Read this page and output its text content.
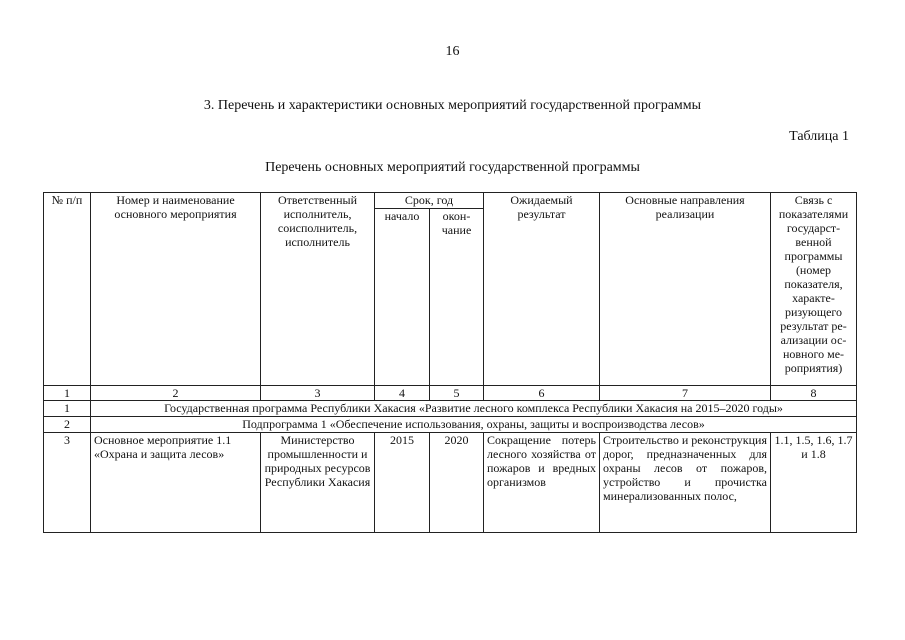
16
3. Перечень и характеристики основных мероприятий государственной программы
Таблица 1
Перечень основных мероприятий государственной программы
№ п/п	Номер и наименование основного мероприятия	Ответственный исполнитель, соисполнитель, исполнитель	Срок, год		Ожидаемый результат	Основные направления реализации	Связь с показателями государст-венной программы (номер показателя, характе-ризующего результат ре-ализации ос-новного ме-роприятия)
			начало	окон-чание			
1	2	3	4	5	6	7	8
1	Государственная программа Республики Хакасия «Развитие лесного комплекса Республики Хакасия на 2015–2020 годы»						
2	Подпрограмма 1 «Обеспечение использования, охраны, защиты и воспроизводства лесов»						
3	Основное мероприятие 1.1 «Охрана и защита лесов»	Министерство промышленности и природных ресурсов Республики Хакасия	2015	2020	Сокращение потерь лесного хозяйства от пожаров и вредных организмов	Строительство и реконструкция дорог, предназначенных для охраны лесов от пожаров, устройство и прочистка минерализованных полос,	1.1, 1.5, 1.6, 1.7 и 1.8
